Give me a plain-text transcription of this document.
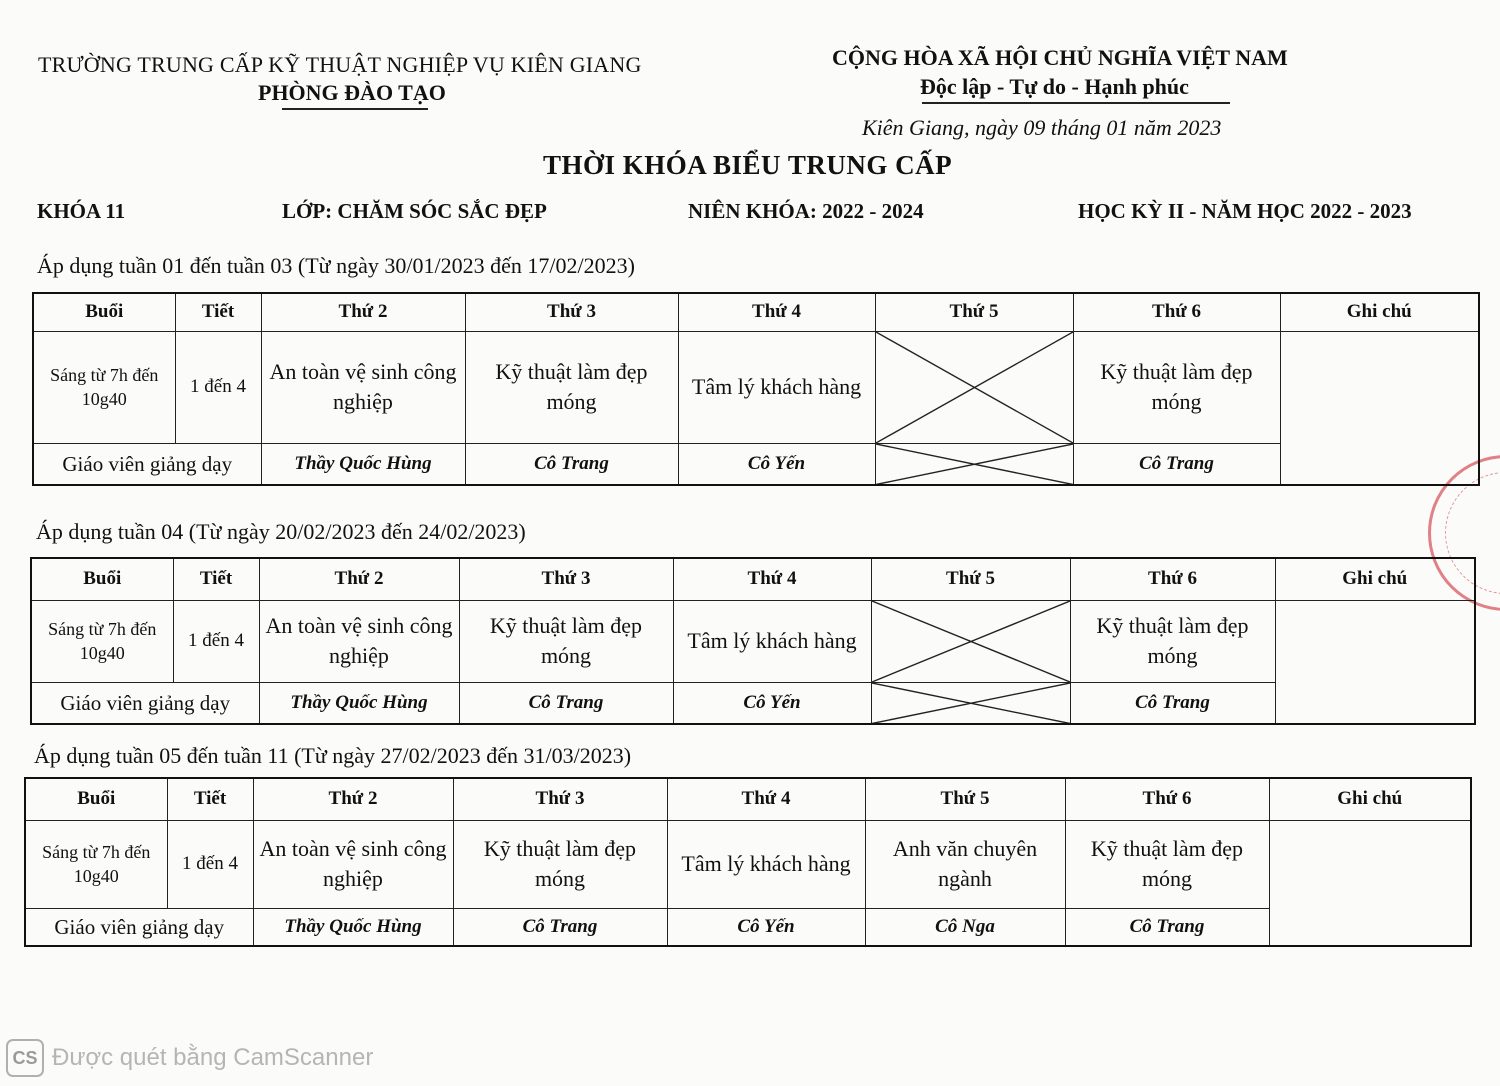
TRƯỜNG TRUNG CẤP KỸ THUẬT NGHIỆP VỤ KIÊN GIANG
PHÒNG ĐÀO TẠO
CỘNG HÒA XÃ HỘI CHỦ NGHĨA VIỆT NAM
Độc lập - Tự do - Hạnh phúc
Kiên Giang, ngày 09 tháng 01 năm 2023
THỜI KHÓA BIỂU TRUNG CẤP
KHÓA 11	LỚP: CHĂM SÓC SẮC ĐẸP	NIÊN KHÓA: 2022 - 2024	HỌC KỲ II - NĂM HỌC 2022 - 2023
Áp dụng tuần 01 đến tuần 03 (Từ ngày 30/01/2023 đến 17/02/2023)
Buổi	Tiết	Thứ 2	Thứ 3	Thứ 4	Thứ 5	Thứ 6	Ghi chú
Sáng từ 7h đến 10g40	1 đến 4	An toàn vệ sinh công nghiệp	Kỹ thuật làm đẹp móng	Tâm lý khách hàng		Kỹ thuật làm đẹp móng	
Giáo viên giảng dạy		Thầy Quốc Hùng	Cô Trang	Cô Yến		Cô Trang	
Áp dụng tuần 04 (Từ ngày 20/02/2023 đến 24/02/2023)
Buổi	Tiết	Thứ 2	Thứ 3	Thứ 4	Thứ 5	Thứ 6	Ghi chú
Sáng từ 7h đến 10g40	1 đến 4	An toàn vệ sinh công nghiệp	Kỹ thuật làm đẹp móng	Tâm lý khách hàng		Kỹ thuật làm đẹp móng	
Giáo viên giảng dạy		Thầy Quốc Hùng	Cô Trang	Cô Yến		Cô Trang	
Áp dụng tuần 05 đến tuần 11 (Từ ngày 27/02/2023 đến 31/03/2023)
Buổi	Tiết	Thứ 2	Thứ 3	Thứ 4	Thứ 5	Thứ 6	Ghi chú
Sáng từ 7h đến 10g40	1 đến 4	An toàn vệ sinh công nghiệp	Kỹ thuật làm đẹp móng	Tâm lý khách hàng	Anh văn chuyên ngành	Kỹ thuật làm đẹp móng	
Giáo viên giảng dạy		Thầy Quốc Hùng	Cô Trang	Cô Yến	Cô Nga	Cô Trang	
CS Được quét bằng CamScanner
